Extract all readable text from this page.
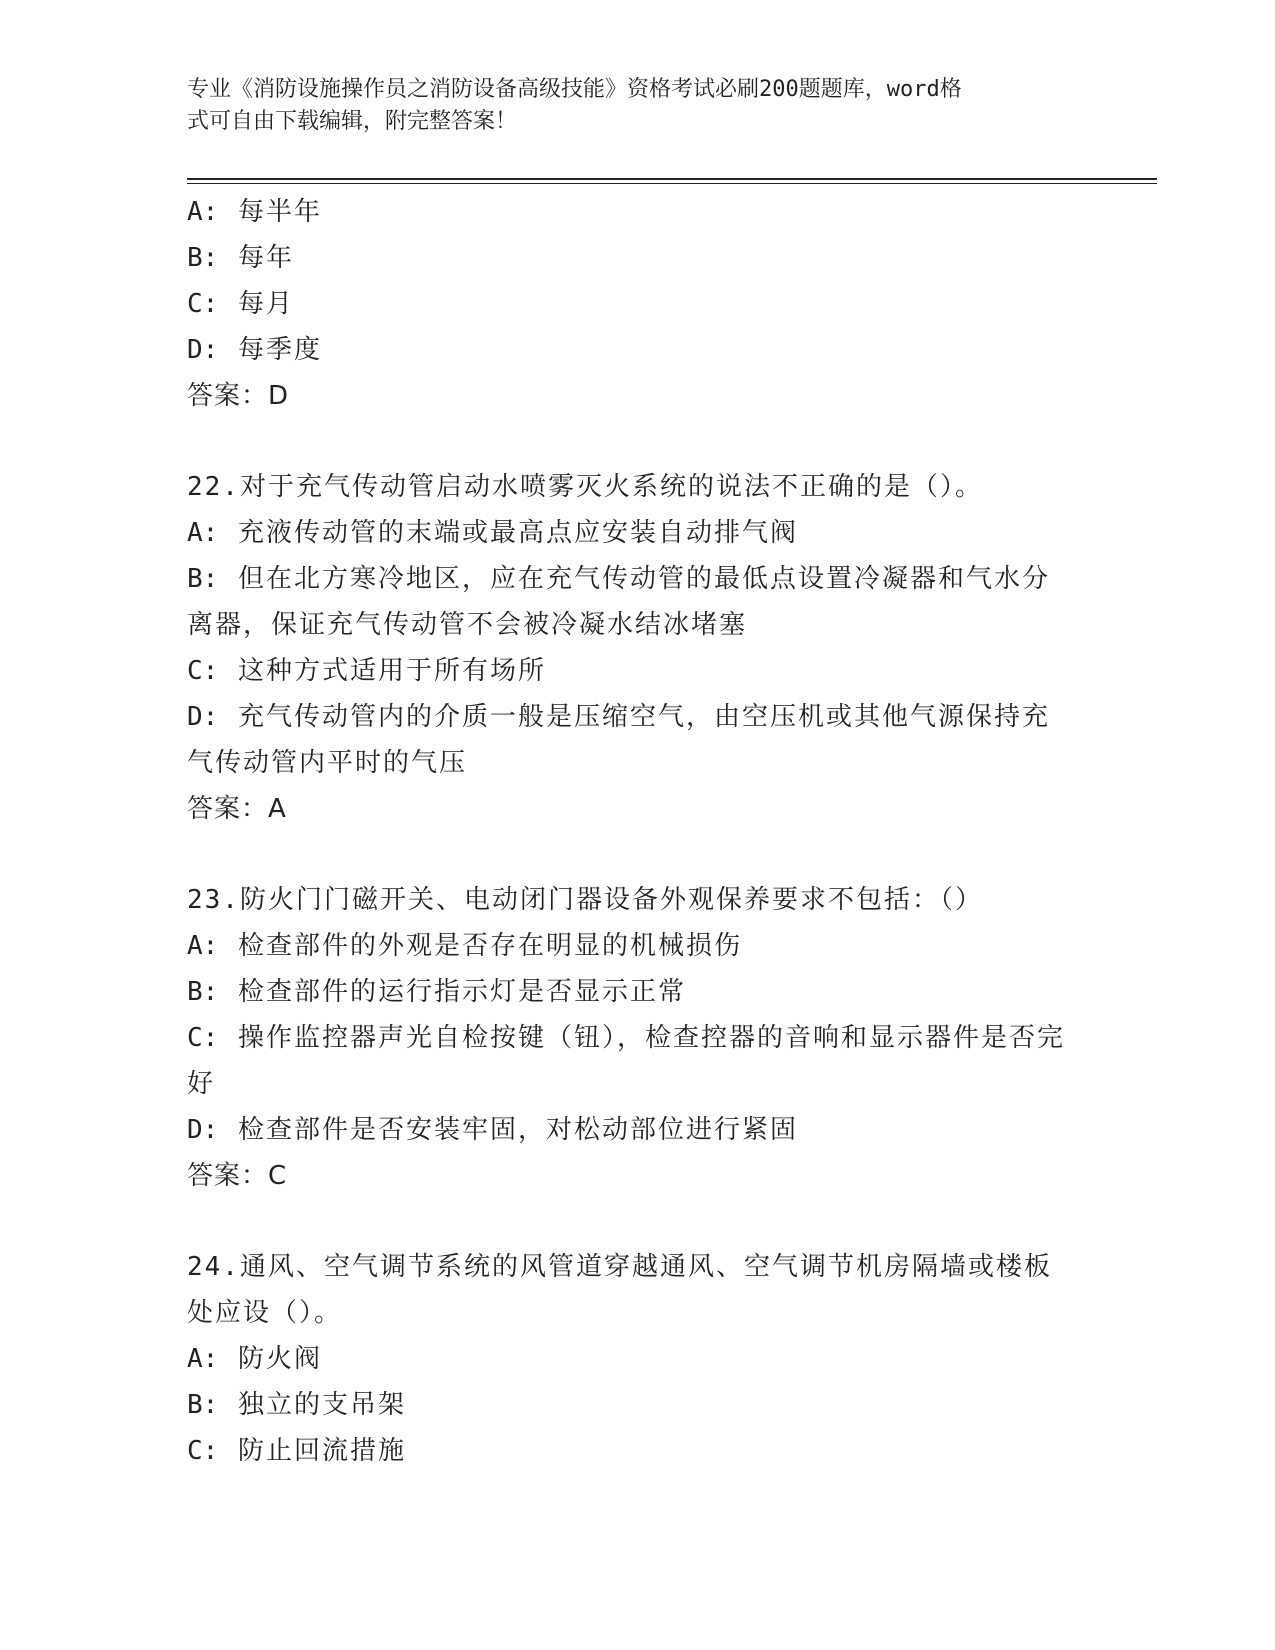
专业《消防设施操作员之消防设备高级技能》资格考试必刷200题题库，word格
式可自由下载编辑，附完整答案！
A: 每半年
B: 每年
C: 每月
D: 每季度
答案：D
22.对于充气传动管启动水喷雾灭火系统的说法不正确的是（）。
A: 充液传动管的末端或最高点应安装自动排气阀
B: 但在北方寒冷地区，应在充气传动管的最低点设置冷凝器和气水分离器，保证充气传动管不会被冷凝水结冰堵塞
C: 这种方式适用于所有场所
D: 充气传动管内的介质一般是压缩空气，由空压机或其他气源保持充气传动管内平时的气压
答案：A
23.防火门门磁开关、电动闭门器设备外观保养要求不包括：（）
A: 检查部件的外观是否存在明显的机械损伤
B: 检查部件的运行指示灯是否显示正常
C: 操作监控器声光自检按键（钮），检查控器的音响和显示器件是否完好
D: 检查部件是否安装牢固，对松动部位进行紧固
答案：C
24.通风、空气调节系统的风管道穿越通风、空气调节机房隔墙或楼板处应设（）。
A: 防火阀
B: 独立的支吊架
C: 防止回流措施
